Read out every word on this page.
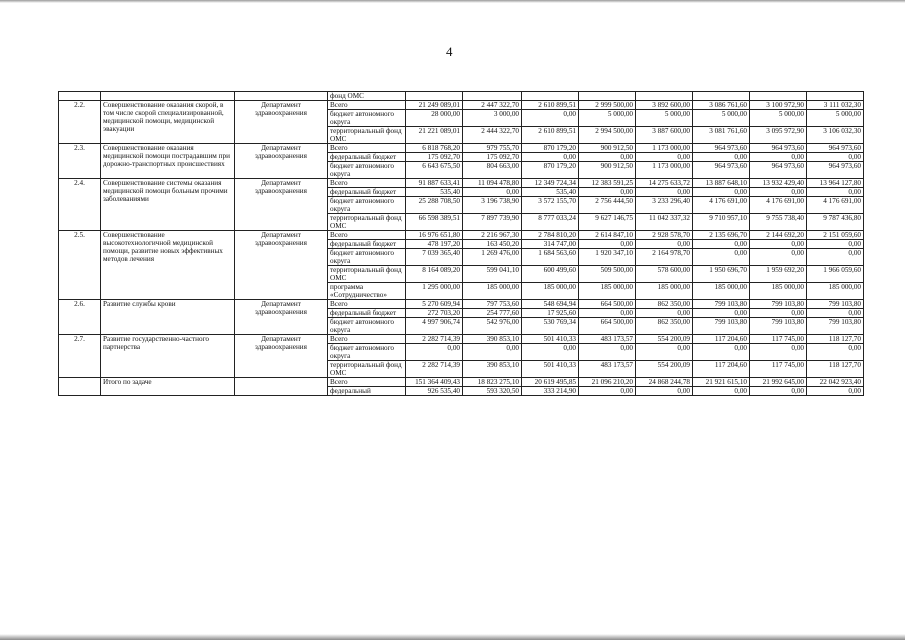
4
			фонд ОМС								
2.2.	Совершенствование оказания скорой, в том числе скорой специализированной, медицинской помощи, медицинской эвакуации	Департамент здравоохранения	Всего	21 249 089,01	2 447 322,70	2 610 899,51	2 999 500,00	3 892 600,00	3 086 761,60	3 100 972,90	3 111 032,30
			бюджет автономного округа	28 000,00	3 000,00	0,00	5 000,00	5 000,00	5 000,00	5 000,00	5 000,00
			территориальный фонд ОМС	21 221 089,01	2 444 322,70	2 610 899,51	2 994 500,00	3 887 600,00	3 081 761,60	3 095 972,90	3 106 032,30
2.3.	Совершенствование оказания медицинской помощи пострадавшим при дорожно-транспортных происшествиях	Департамент здравоохранения	Всего	6 818 768,20	979 755,70	870 179,20	900 912,50	1 173 000,00	964 973,60	964 973,60	964 973,60
			федеральный бюджет	175 092,70	175 092,70	0,00	0,00	0,00	0,00	0,00	0,00
			бюджет автономного округа	6 643 675,50	804 663,00	870 179,20	900 912,50	1 173 000,00	964 973,60	964 973,60	964 973,60
2.4.	Совершенствование системы оказания медицинской помощи больным прочими заболеваниями	Департамент здравоохранения	Всего	91 887 633,41	11 094 478,80	12 349 724,34	12 383 591,25	14 275 633,72	13 887 648,10	13 932 429,40	13 964 127,80
			федеральный бюджет	535,40	0,00	535,40	0,00	0,00	0,00	0,00	0,00
			бюджет автономного округа	25 288 708,50	3 196 738,90	3 572 155,70	2 756 444,50	3 233 296,40	4 176 691,00	4 176 691,00	4 176 691,00
			территориальный фонд ОМС	66 598 389,51	7 897 739,90	8 777 033,24	9 627 146,75	11 042 337,32	9 710 957,10	9 755 738,40	9 787 436,80
2.5.	Совершенствование высокотехнологичной медицинской помощи, развитие новых эффективных методов лечения	Департамент здравоохранения	Всего	16 976 651,80	2 216 967,30	2 784 810,20	2 614 847,10	2 928 578,70	2 135 696,70	2 144 692,20	2 151 059,60
			федеральный бюджет	478 197,20	163 450,20	314 747,00	0,00	0,00	0,00	0,00	0,00
			бюджет автономного округа	7 039 365,40	1 269 476,00	1 684 563,60	1 920 347,10	2 164 978,70	0,00	0,00	0,00
			территориальный фонд ОМС	8 164 089,20	599 041,10	600 499,60	509 500,00	578 600,00	1 950 696,70	1 959 692,20	1 966 059,60
			программа «Сотрудничество»	1 295 000,00	185 000,00	185 000,00	185 000,00	185 000,00	185 000,00	185 000,00	185 000,00
2.6.	Развитие службы крови	Департамент здравоохранения	Всего	5 270 609,94	797 753,60	548 694,94	664 500,00	862 350,00	799 103,80	799 103,80	799 103,80
			федеральный бюджет	272 703,20	254 777,60	17 925,60	0,00	0,00	0,00	0,00	0,00
			бюджет автономного округа	4 997 906,74	542 976,00	530 769,34	664 500,00	862 350,00	799 103,80	799 103,80	799 103,80
2.7.	Развитие государственно-частного партнерства	Департамент здравоохранения	Всего	2 282 714,39	390 853,10	501 410,33	483 173,57	554 200,09	117 204,60	117 745,00	118 127,70
			бюджет автономного округа	0,00	0,00	0,00	0,00	0,00	0,00	0,00	0,00
			территориальный фонд ОМС	2 282 714,39	390 853,10	501 410,33	483 173,57	554 200,09	117 204,60	117 745,00	118 127,70
	Итого по задаче		Всего	151 364 409,43	18 823 275,10	20 619 495,85	21 096 210,20	24 868 244,78	21 921 615,10	21 992 645,00	22 042 923,40
			федеральный	926 535,40	593 320,50	333 214,90	0,00	0,00	0,00	0,00	0,00
